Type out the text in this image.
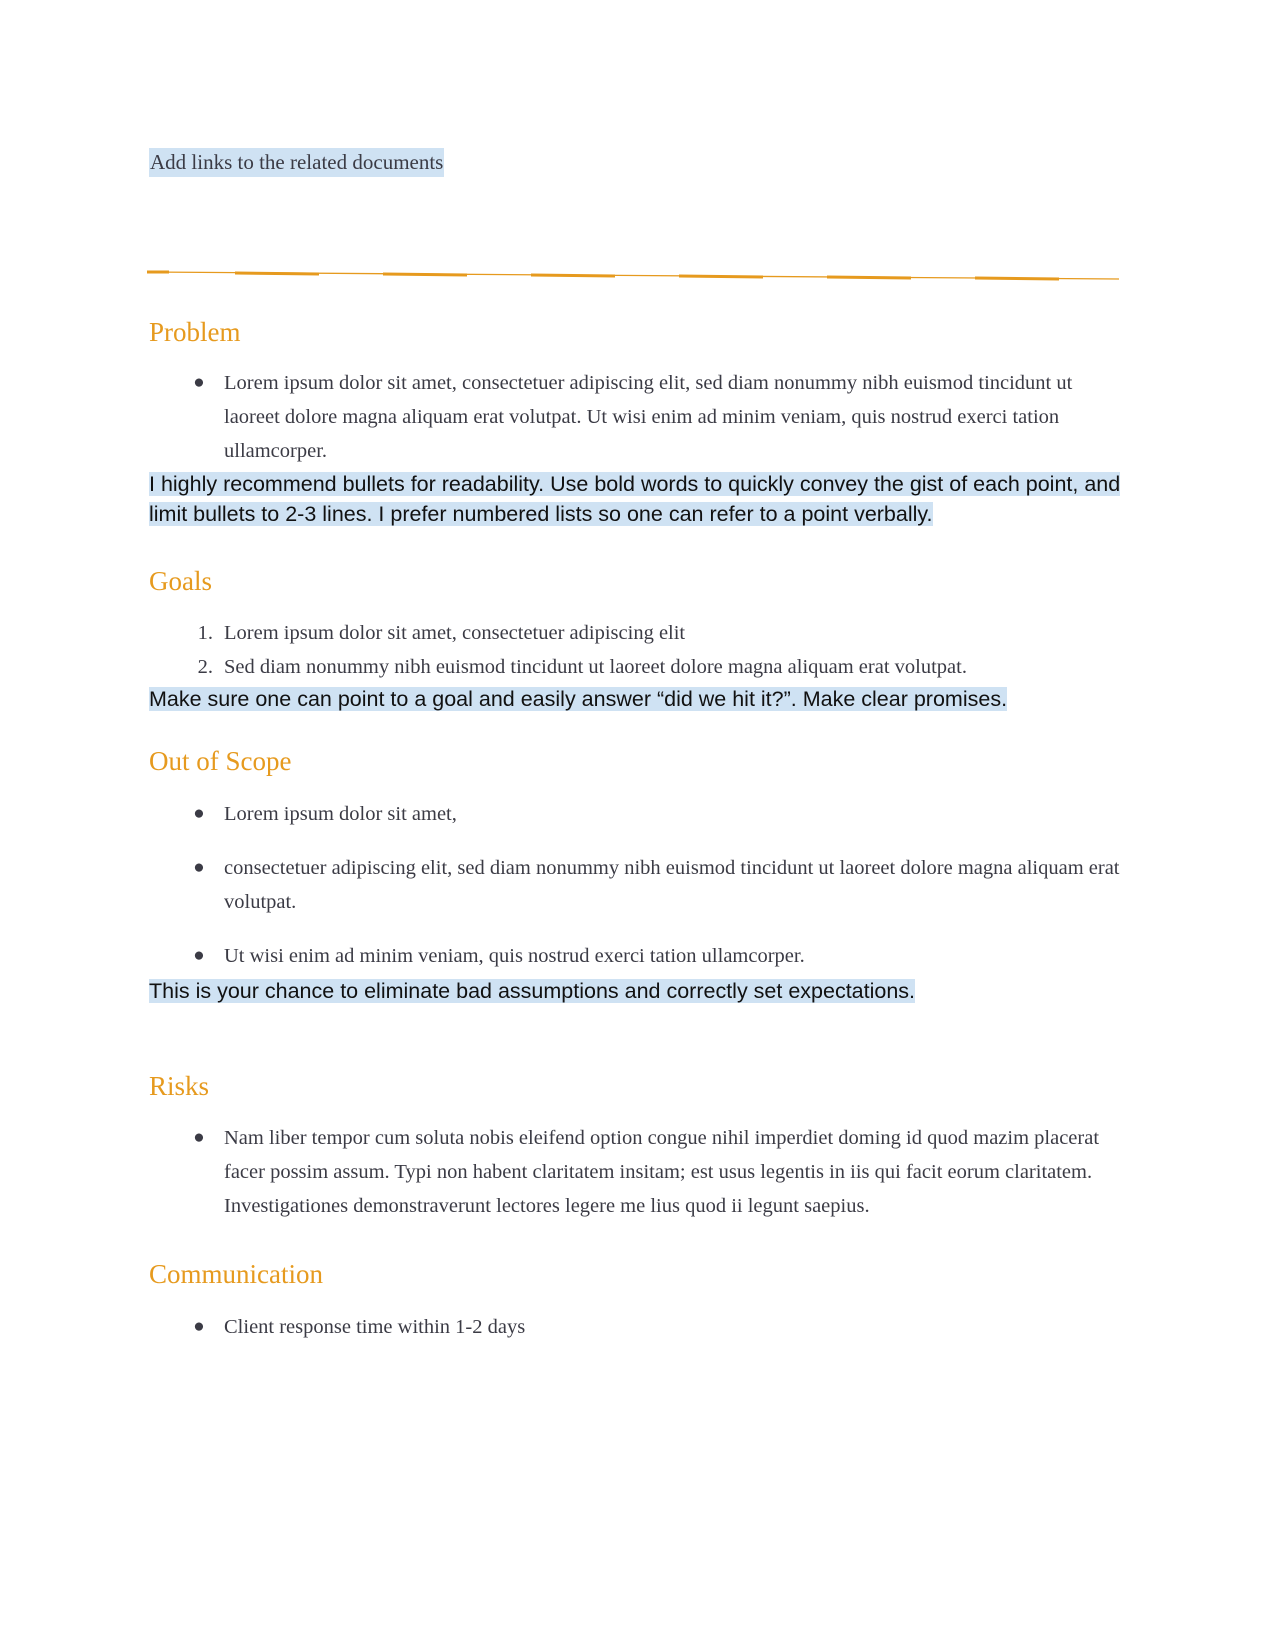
Add links to the related documents
Problem
● Lorem ipsum dolor sit amet, consectetuer adipiscing elit, sed diam nonummy nibh euismod tincidunt ut laoreet dolore magna aliquam erat volutpat. Ut wisi enim ad minim veniam, quis nostrud exerci tation ullamcorper.
I highly recommend bullets for readability. Use bold words to quickly convey the gist of each point, and limit bullets to 2-3 lines. I prefer numbered lists so one can refer to a point verbally.
Goals
1. Lorem ipsum dolor sit amet, consectetuer adipiscing elit
2. Sed diam nonummy nibh euismod tincidunt ut laoreet dolore magna aliquam erat volutpat.
Make sure one can point to a goal and easily answer “did we hit it?”. Make clear promises.
Out of Scope
● Lorem ipsum dolor sit amet,
● consectetuer adipiscing elit, sed diam nonummy nibh euismod tincidunt ut laoreet dolore magna aliquam erat volutpat.
● Ut wisi enim ad minim veniam, quis nostrud exerci tation ullamcorper.
This is your chance to eliminate bad assumptions and correctly set expectations.
Risks
● Nam liber tempor cum soluta nobis eleifend option congue nihil imperdiet doming id quod mazim placerat facer possim assum. Typi non habent claritatem insitam; est usus legentis in iis qui facit eorum claritatem. Investigationes demonstraverunt lectores legere me lius quod ii legunt saepius.
Communication
● Client response time within 1-2 days
